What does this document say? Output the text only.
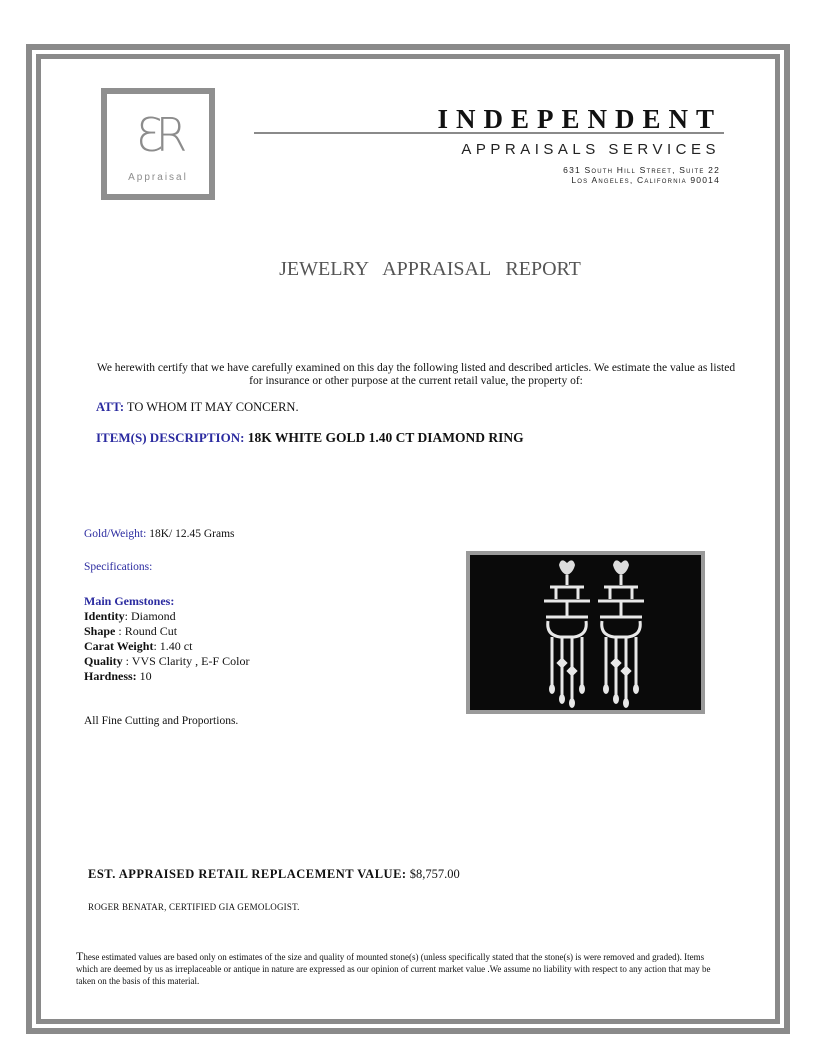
ƐR
Appraisal
INDEPENDENT
APPRAISALS SERVICES
631 South Hill Street, Suite 22
Los Angeles, California 90014
JEWELRY APPRAISAL REPORT
We herewith certify that we have carefully examined on this day the following listed and described articles. We estimate the value as listed for insurance or other purpose at the current retail value, the property of:
ATT: TO WHOM IT MAY CONCERN.
ITEM(S) DESCRIPTION: 18K WHITE GOLD 1.40 CT DIAMOND RING
Gold/Weight: 18K/ 12.45 Grams
Specifications:
Main Gemstones:
Identity: Diamond
Shape : Round Cut
Carat Weight: 1.40 ct
Quality : VVS Clarity , E-F Color
Hardness: 10
All Fine Cutting and Proportions.
EST. APPRAISED RETAIL REPLACEMENT VALUE: $8,757.00
ROGER BENATAR, CERTIFIED GIA GEMOLOGIST.
These estimated values are based only on estimates of the size and quality of mounted stone(s) (unless specifically stated that the stone(s) is were removed and graded). Items which are deemed by us as irreplaceable or antique in nature are expressed as our opinion of current market value .We assume no liability with respect to any action that may be taken on the basis of this material.
